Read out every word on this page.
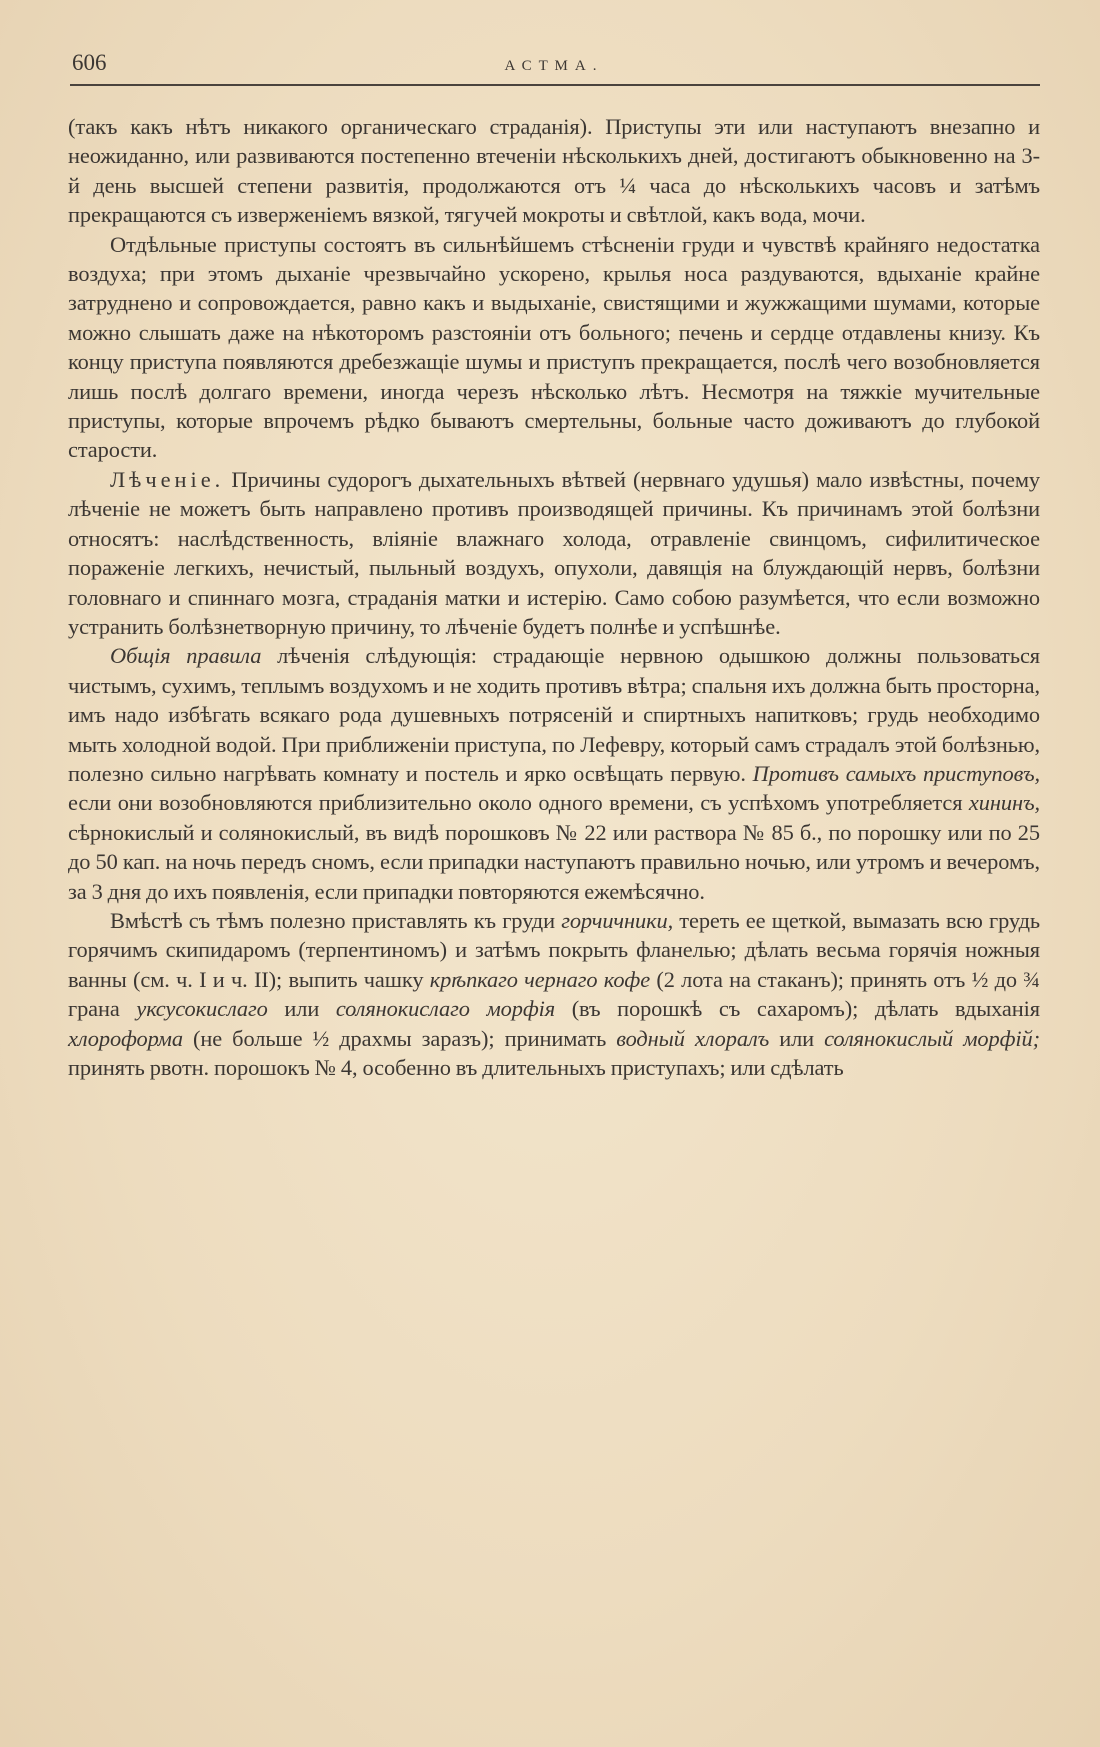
606	АСТМА.

(такъ какъ нѣтъ никакого органическаго страданія). Приступы эти или наступаютъ внезапно и неожиданно, или развиваются постепенно втеченіи нѣсколькихъ дней, достигаютъ обыкновенно на 3-й день высшей степени развитія, продолжаются отъ ¼ часа до нѣсколькихъ часовъ и затѣмъ прекращаются съ изверженіемъ вязкой, тягучей мокроты и свѣтлой, какъ вода, мочи.

Отдѣльные приступы состоятъ въ сильнѣйшемъ стѣсненіи груди и чувствѣ крайняго недостатка воздуха; при этомъ дыханіе чрезвычайно ускорено, крылья носа раздуваются, вдыханіе крайне затруднено и сопровождается, равно какъ и выдыханіе, свистящими и жужжащими шумами, которые можно слышать даже на нѣкоторомъ разстояніи отъ больного; печень и сердце отдавлены книзу. Къ концу приступа появляются дребезжащіе шумы и приступъ прекращается, послѣ чего возобновляется лишь послѣ долгаго времени, иногда черезъ нѣсколько лѣтъ. Несмотря на тяжкіе мучительные приступы, которые впрочемъ рѣдко бываютъ смертельны, больные часто доживаютъ до глубокой старости.

Лѣченіе. Причины судорогъ дыхательныхъ вѣтвей (нервнаго удушья) мало извѣстны, почему лѣченіе не можетъ быть направлено противъ производящей причины. Къ причинамъ этой болѣзни относятъ: наслѣдственность, вліяніе влажнаго холода, отравленіе свинцомъ, сифилитическое пораженіе легкихъ, нечистый, пыльный воздухъ, опухоли, давящія на блуждающій нервъ, болѣзни головнаго и спиннаго мозга, страданія матки и истерію. Само собою разумѣется, что если возможно устранить болѣзнетворную причину, то лѣченіе будетъ полнѣе и успѣшнѣе.

Общія правила лѣченія слѣдующія: страдающіе нервною одышкою должны пользоваться чистымъ, сухимъ, теплымъ воздухомъ и не ходить противъ вѣтра; спальня ихъ должна быть просторна, имъ надо избѣгать всякаго рода душевныхъ потрясеній и спиртныхъ напитковъ; грудь необходимо мыть холодной водой. При приближеніи приступа, по Лефевру, который самъ страдалъ этой болѣзнью, полезно сильно нагрѣвать комнату и постель и ярко освѣщать первую. Противъ самыхъ приступовъ, если они возобновляются приблизительно около одного времени, съ успѣхомъ употребляется хининъ, сѣрнокислый и солянокислый, въ видѣ порошковъ № 22 или раствора № 85 б., по порошку или по 25 до 50 кап. на ночь передъ сномъ, если припадки наступаютъ правильно ночью, или утромъ и вечеромъ, за 3 дня до ихъ появленія, если припадки повторяются ежемѣсячно.

Вмѣстѣ съ тѣмъ полезно приставлять къ груди горчичники, тереть ее щеткой, вымазать всю грудь горячимъ скипидаромъ (терпентиномъ) и затѣмъ покрыть фланелью; дѣлать весьма горячія ножныя ванны (см. ч. I и ч. II); выпить чашку крѣпкаго чернаго кофе (2 лота на стаканъ); принять отъ ½ до ¾ грана уксусокислаго или солянокислаго морфія (въ порошкѣ съ сахаромъ); дѣлать вдыханія хлороформа (не больше ½ драхмы заразъ); принимать водный хлоралъ или солянокислый морфій; принять рвотн. порошокъ № 4, особенно въ длительныхъ приступахъ; или сдѣлать
